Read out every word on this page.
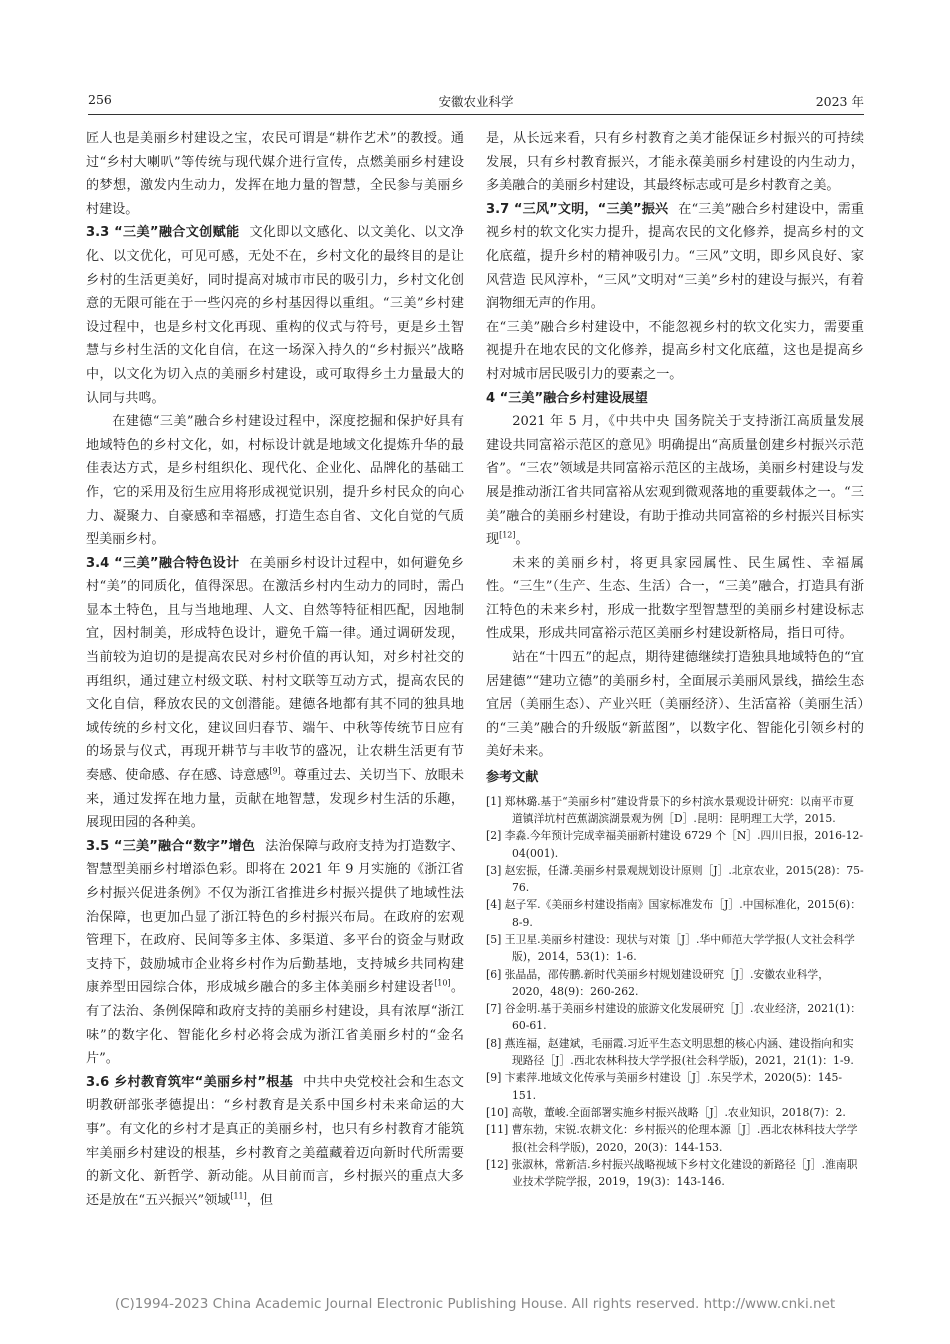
256	安徽农业科学	2023 年

匠人也是美丽乡村建设之宝，农民可谓是“耕作艺术”的教授。通过“乡村大喇叭”等传统与现代媒介进行宣传，点燃美丽乡村建设的梦想，激发内生动力，发挥在地力量的智慧，全民参与美丽乡村建设。

3.3 “三美”融合文创赋能 文化即以文感化、以文美化、以文净化、以文优化，可见可感，无处不在，乡村文化的最终目的是让乡村的生活更美好，同时提高对城市市民的吸引力，乡村文化创意的无限可能在于一些闪亮的乡村基因得以重组。“三美”乡村建设过程中，也是乡村文化再现、重构的仪式与符号，更是乡土智慧与乡村生活的文化自信，在这一场深入持久的“乡村振兴”战略中，以文化为切入点的美丽乡村建设，或可取得乡土力量最大的认同与共鸣。

在建德“三美”融合乡村建设过程中，深度挖掘和保护好具有地域特色的乡村文化，如，村标设计就是地域文化提炼升华的最佳表达方式，是乡村组织化、现代化、企业化、品牌化的基础工作，它的采用及衍生应用将形成视觉识别，提升乡村民众的向心力、凝聚力、自豪感和幸福感，打造生态自省、文化自觉的气质型美丽乡村。

3.4 “三美”融合特色设计 在美丽乡村设计过程中，如何避免乡村“美”的同质化，值得深思。在激活乡村内生动力的同时，需凸显本土特色，且与当地地理、人文、自然等特征相匹配，因地制宜，因村制美，形成特色设计，避免千篇一律。通过调研发现，当前较为迫切的是提高农民对乡村价值的再认知，对乡村社交的再组织，通过建立村级文联、村村文联等互动方式，提高农民的文化自信，释放农民的文创潜能。建德各地都有其不同的独具地域传统的乡村文化，建议回归春节、端午、中秋等传统节日应有的场景与仪式，再现开耕节与丰收节的盛况，让农耕生活更有节奏感、使命感、存在感、诗意感[9]。尊重过去、关切当下、放眼未来，通过发挥在地力量，贡献在地智慧，发现乡村生活的乐趣，展现田园的各种美。

3.5 “三美”融合“数字”增色 法治保障与政府支持为打造数字、智慧型美丽乡村增添色彩。即将在 2021 年 9 月实施的《浙江省乡村振兴促进条例》不仅为浙江省推进乡村振兴提供了地域性法治保障，也更加凸显了浙江特色的乡村振兴布局。在政府的宏观管理下，在政府、民间等多主体、多渠道、多平台的资金与财政支持下，鼓励城市企业将乡村作为后勤基地，支持城乡共同构建康养型田园综合体，形成城乡融合的多主体美丽乡村建设者[10]。有了法治、条例保障和政府支持的美丽乡村建设，具有浓厚“浙江味”的数字化、智能化乡村必将会成为浙江省美丽乡村的“金名片”。

3.6 乡村教育筑牢“美丽乡村”根基 中共中央党校社会和生态文明教研部张孝德提出：“乡村教育是关系中国乡村未来命运的大事”。有文化的乡村才是真正的美丽乡村，也只有乡村教育才能筑牢美丽乡村建设的根基，乡村教育之美蕴藏着迈向新时代所需要的新文化、新哲学、新动能。从目前而言，乡村振兴的重点大多还是放在“五兴振兴”领域[11]，但

是，从长远来看，只有乡村教育之美才能保证乡村振兴的可持续发展，只有乡村教育振兴，才能永葆美丽乡村建设的内生动力，多美融合的美丽乡村建设，其最终标志或可是乡村教育之美。

3.7 “三风”文明，“三美”振兴 在“三美”融合乡村建设中，需重视乡村的软文化实力提升，提高农民的文化修养，提高乡村的文化底蕴，提升乡村的精神吸引力。“三风”文明，即乡风良好、家风营造 民风淳朴，“三风”文明对“三美”乡村的建设与振兴，有着润物细无声的作用。

在“三美”融合乡村建设中，不能忽视乡村的软文化实力，需要重视提升在地农民的文化修养，提高乡村文化底蕴，这也是提高乡村对城市居民吸引力的要素之一。

4 “三美”融合乡村建设展望

2021 年 5 月，《中共中央 国务院关于支持浙江高质量发展建设共同富裕示范区的意见》明确提出“高质量创建乡村振兴示范省”。“三农”领域是共同富裕示范区的主战场，美丽乡村建设与发展是推动浙江省共同富裕从宏观到微观落地的重要载体之一。“三美”融合的美丽乡村建设，有助于推动共同富裕的乡村振兴目标实现[12]。

未来的美丽乡村，将更具家园属性、民生属性、幸福属性。“三生”（生产、生态、生活）合一，“三美”融合，打造具有浙江特色的未来乡村，形成一批数字型智慧型的美丽乡村建设标志性成果，形成共同富裕示范区美丽乡村建设新格局，指日可待。

站在“十四五”的起点，期待建德继续打造独具地域特色的“宜居建德”“建功立德”的美丽乡村，全面展示美丽风景线，描绘生态宜居（美丽生态）、产业兴旺（美丽经济）、生活富裕（美丽生活）的“三美”融合的升级版“新蓝图”，以数字化、智能化引领乡村的美好未来。

参考文献
[1] 郑林璐.基于“美丽乡村”建设背景下的乡村滨水景观设计研究：以南平市夏道镇洋坑村芭蕉湖滨湖景观为例［D］.昆明：昆明理工大学，2015.
[2] 李淼.今年预计完成幸福美丽新村建设 6729 个［N］.四川日报，2016-12-04(001).
[3] 赵宏振，任潇.美丽乡村景观规划设计原则［J］.北京农业，2015(28)：75-76.
[4] 赵子军.《美丽乡村建设指南》国家标准发布［J］.中国标准化，2015(6)：8-9.
[5] 王卫星.美丽乡村建设：现状与对策［J］.华中师范大学学报(人文社会科学版)，2014，53(1)：1-6.
[6] 张晶晶，邵传鹏.新时代美丽乡村规划建设研究［J］.安徽农业科学，2020，48(9)：260-262.
[7] 谷金明.基于美丽乡村建设的旅游文化发展研究［J］.农业经济，2021(1)：60-61.
[8] 燕连福，赵建斌，毛丽霞.习近平生态文明思想的核心内涵、建设指向和实现路径［J］.西北农林科技大学学报(社会科学版)，2021，21(1)：1-9.
[9] 卞素萍.地域文化传承与美丽乡村建设［J］.东吴学术，2020(5)：145-151.
[10] 高敬，董峻.全面部署实施乡村振兴战略［J］.农业知识，2018(7)：2.
[11] 曹东勃，宋锐.农耕文化：乡村振兴的伦理本源［J］.西北农林科技大学学报(社会科学版)，2020，20(3)：144-153.
[12] 张淑林，常新洁.乡村振兴战略视域下乡村文化建设的新路径［J］.淮南职业技术学院学报，2019，19(3)：143-146.
(C)1994-2023 China Academic Journal Electronic Publishing House. All rights reserved. http://www.cnki.net
